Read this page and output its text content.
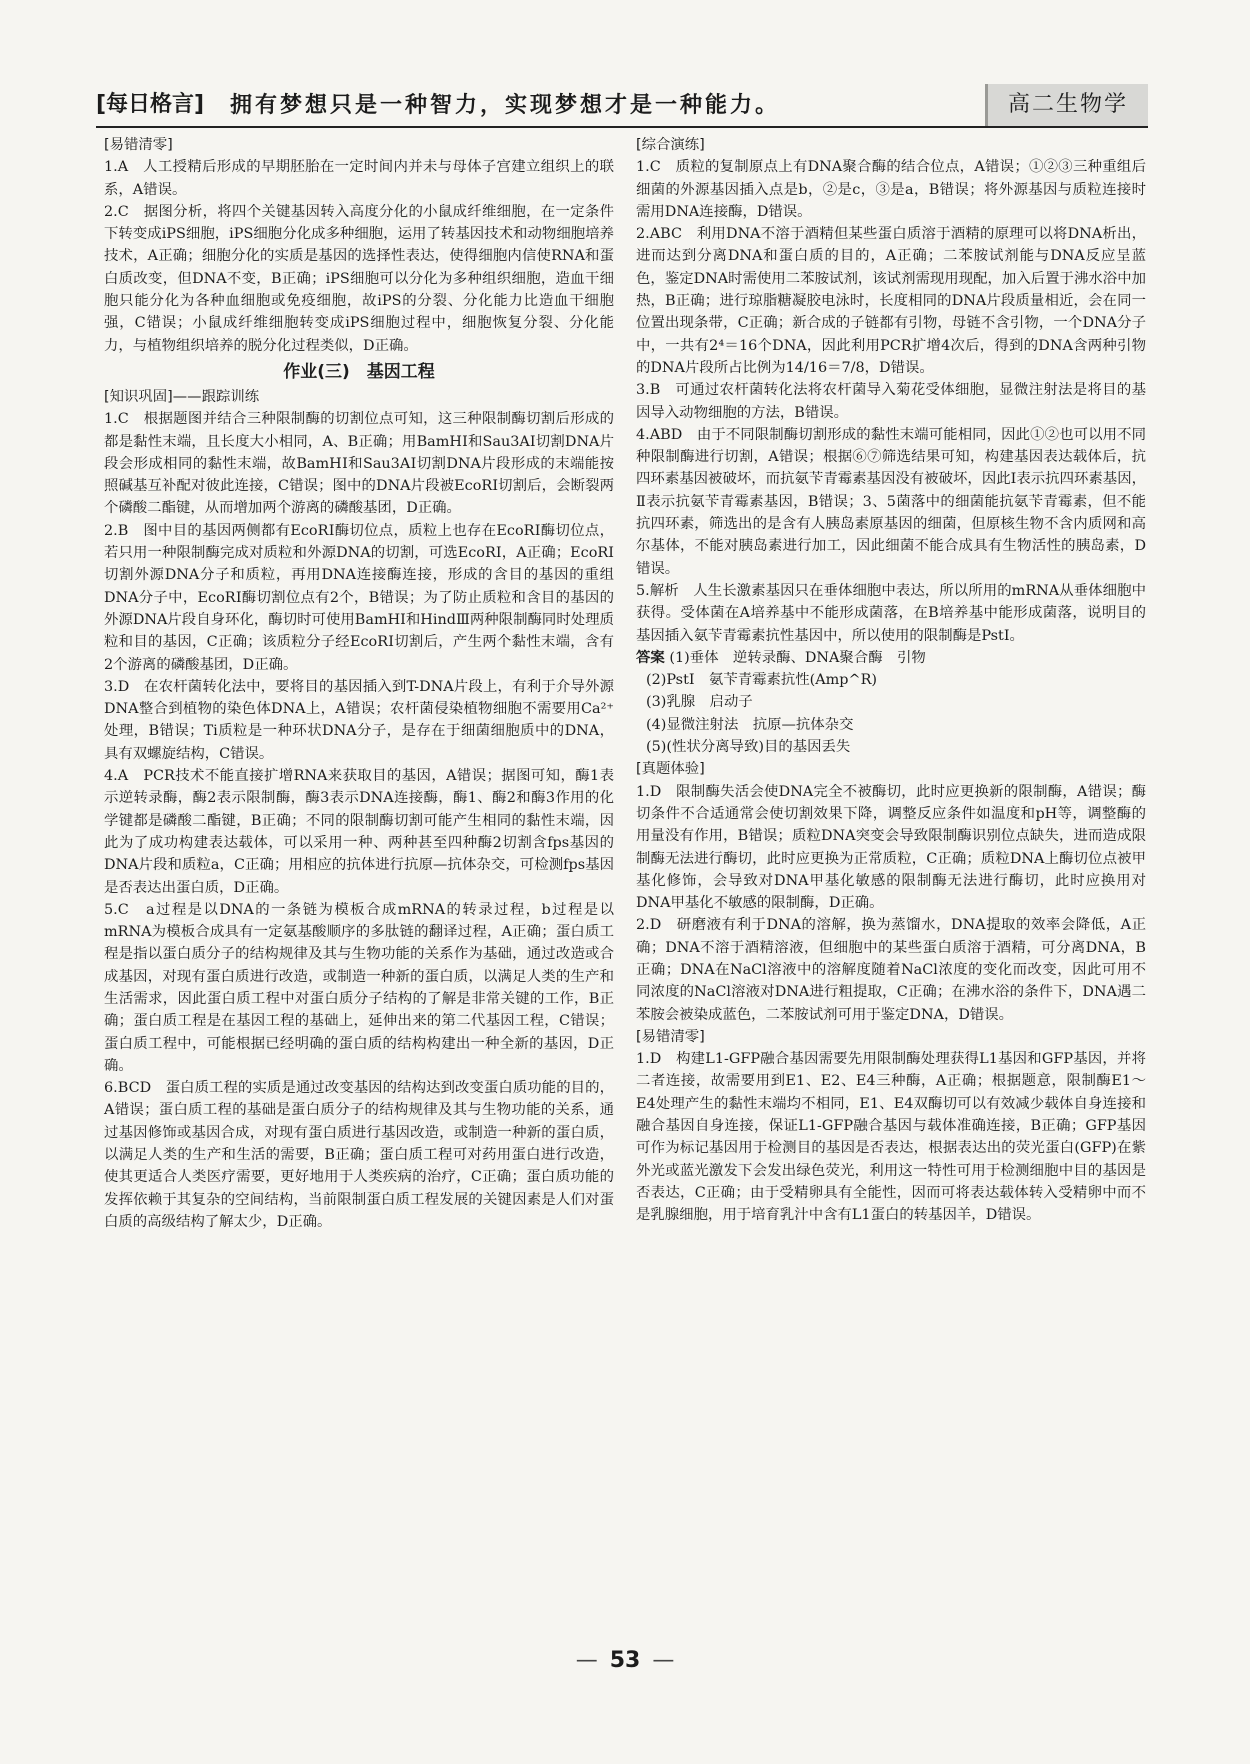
[每日格言] 拥有梦想只是一种智力，实现梦想才是一种能力。	高二生物学

[易错清零]

1.A　人工授精后形成的早期胚胎在一定时间内并未与母体子宫建立组织上的联系，A错误。

2.C　据图分析，将四个关键基因转入高度分化的小鼠成纤维细胞，在一定条件下转变成iPS细胞，iPS细胞分化成多种细胞，运用了转基因技术和动物细胞培养技术，A正确；细胞分化的实质是基因的选择性表达，使得细胞内信使RNA和蛋白质改变，但DNA不变，B正确；iPS细胞可以分化为多种组织细胞，造血干细胞只能分化为各种血细胞或免疫细胞，故iPS的分裂、分化能力比造血干细胞强，C错误；小鼠成纤维细胞转变成iPS细胞过程中，细胞恢复分裂、分化能力，与植物组织培养的脱分化过程类似，D正确。

作业(三)　基因工程

[知识巩固]——跟踪训练

1.C　根据题图并结合三种限制酶的切割位点可知，这三种限制酶切割后形成的都是黏性末端，且长度大小相同，A、B正确；用BamHⅠ和Sau3AⅠ切割DNA片段会形成相同的黏性末端，故BamHⅠ和Sau3AⅠ切割DNA片段形成的末端能按照碱基互补配对彼此连接，C错误；图中的DNA片段被EcoRⅠ切割后，会断裂两个磷酸二酯键，从而增加两个游离的磷酸基团，D正确。

2.B　图中目的基因两侧都有EcoRⅠ酶切位点，质粒上也存在EcoRⅠ酶切位点，若只用一种限制酶完成对质粒和外源DNA的切割，可选EcoRⅠ，A正确；EcoRⅠ切割外源DNA分子和质粒，再用DNA连接酶连接，形成的含目的基因的重组DNA分子中，EcoRⅠ酶切割位点有2个，B错误；为了防止质粒和含目的基因的外源DNA片段自身环化，酶切时可使用BamHⅠ和HindⅢ两种限制酶同时处理质粒和目的基因，C正确；该质粒分子经EcoRⅠ切割后，产生两个黏性末端，含有2个游离的磷酸基团，D正确。

3.D　在农杆菌转化法中，要将目的基因插入到T-DNA片段上，有利于介导外源DNA整合到植物的染色体DNA上，A错误；农杆菌侵染植物细胞不需要用Ca²⁺处理，B错误；Ti质粒是一种环状DNA分子，是存在于细菌细胞质中的DNA，具有双螺旋结构，C错误。

4.A　PCR技术不能直接扩增RNA来获取目的基因，A错误；据图可知，酶1表示逆转录酶，酶2表示限制酶，酶3表示DNA连接酶，酶1、酶2和酶3作用的化学键都是磷酸二酯键，B正确；不同的限制酶切割可能产生相同的黏性末端，因此为了成功构建表达载体，可以采用一种、两种甚至四种酶2切割含fps基因的DNA片段和质粒a，C正确；用相应的抗体进行抗原—抗体杂交，可检测fps基因是否表达出蛋白质，D正确。

5.C　a过程是以DNA的一条链为模板合成mRNA的转录过程，b过程是以mRNA为模板合成具有一定氨基酸顺序的多肽链的翻译过程，A正确；蛋白质工程是指以蛋白质分子的结构规律及其与生物功能的关系作为基础，通过改造或合成基因，对现有蛋白质进行改造，或制造一种新的蛋白质，以满足人类的生产和生活需求，因此蛋白质工程中对蛋白质分子结构的了解是非常关键的工作，B正确；蛋白质工程是在基因工程的基础上，延伸出来的第二代基因工程，C错误；蛋白质工程中，可能根据已经明确的蛋白质的结构构建出一种全新的基因，D正确。

6.BCD　蛋白质工程的实质是通过改变基因的结构达到改变蛋白质功能的目的，A错误；蛋白质工程的基础是蛋白质分子的结构规律及其与生物功能的关系，通过基因修饰或基因合成，对现有蛋白质进行基因改造，或制造一种新的蛋白质，以满足人类的生产和生活的需要，B正确；蛋白质工程可对药用蛋白进行改造，使其更适合人类医疗需要，更好地用于人类疾病的治疗，C正确；蛋白质功能的发挥依赖于其复杂的空间结构，当前限制蛋白质工程发展的关键因素是人们对蛋白质的高级结构了解太少，D正确。

[综合演练]

1.C　质粒的复制原点上有DNA聚合酶的结合位点，A错误；①②③三种重组后细菌的外源基因插入点是b，②是c，③是a，B错误；将外源基因与质粒连接时需用DNA连接酶，D错误。

2.ABC　利用DNA不溶于酒精但某些蛋白质溶于酒精的原理可以将DNA析出，进而达到分离DNA和蛋白质的目的，A正确；二苯胺试剂能与DNA反应呈蓝色，鉴定DNA时需使用二苯胺试剂，该试剂需现用现配，加入后置于沸水浴中加热，B正确；进行琼脂糖凝胶电泳时，长度相同的DNA片段质量相近，会在同一位置出现条带，C正确；新合成的子链都有引物，母链不含引物，一个DNA分子中，一共有2⁴＝16个DNA，因此利用PCR扩增4次后，得到的DNA含两种引物的DNA片段所占比例为14/16＝7/8，D错误。

3.B　可通过农杆菌转化法将农杆菌导入菊花受体细胞，显微注射法是将目的基因导入动物细胞的方法，B错误。

4.ABD　由于不同限制酶切割形成的黏性末端可能相同，因此①②也可以用不同种限制酶进行切割，A错误；根据⑥⑦筛选结果可知，构建基因表达载体后，抗四环素基因被破坏，而抗氨苄青霉素基因没有被破坏，因此Ⅰ表示抗四环素基因，Ⅱ表示抗氨苄青霉素基因，B错误；3、5菌落中的细菌能抗氨苄青霉素，但不能抗四环素，筛选出的是含有人胰岛素原基因的细菌，但原核生物不含内质网和高尔基体，不能对胰岛素进行加工，因此细菌不能合成具有生物活性的胰岛素，D错误。

5.解析　人生长激素基因只在垂体细胞中表达，所以所用的mRNA从垂体细胞中获得。受体菌在A培养基中不能形成菌落，在B培养基中能形成菌落，说明目的基因插入氨苄青霉素抗性基因中，所以使用的限制酶是PstⅠ。

答案 (1)垂体　逆转录酶、DNA聚合酶　引物

(2)PstⅠ　氨苄青霉素抗性(Amp^R)

(3)乳腺　启动子

(4)显微注射法　抗原—抗体杂交

(5)(性状分离导致)目的基因丢失

[真题体验]

1.D　限制酶失活会使DNA完全不被酶切，此时应更换新的限制酶，A错误；酶切条件不合适通常会使切割效果下降，调整反应条件如温度和pH等，调整酶的用量没有作用，B错误；质粒DNA突变会导致限制酶识别位点缺失，进而造成限制酶无法进行酶切，此时应更换为正常质粒，C正确；质粒DNA上酶切位点被甲基化修饰，会导致对DNA甲基化敏感的限制酶无法进行酶切，此时应换用对DNA甲基化不敏感的限制酶，D正确。

2.D　研磨液有利于DNA的溶解，换为蒸馏水，DNA提取的效率会降低，A正确；DNA不溶于酒精溶液，但细胞中的某些蛋白质溶于酒精，可分离DNA，B正确；DNA在NaCl溶液中的溶解度随着NaCl浓度的变化而改变，因此可用不同浓度的NaCl溶液对DNA进行粗提取，C正确；在沸水浴的条件下，DNA遇二苯胺会被染成蓝色，二苯胺试剂可用于鉴定DNA，D错误。

[易错清零]

1.D　构建L1-GFP融合基因需要先用限制酶处理获得L1基因和GFP基因，并将二者连接，故需要用到E1、E2、E4三种酶，A正确；根据题意，限制酶E1～E4处理产生的黏性末端均不相同，E1、E4双酶切可以有效减少载体自身连接和融合基因自身连接，保证L1-GFP融合基因与载体准确连接，B正确；GFP基因可作为标记基因用于检测目的基因是否表达，根据表达出的荧光蛋白(GFP)在紫外光或蓝光激发下会发出绿色荧光，利用这一特性可用于检测细胞中目的基因是否表达，C正确；由于受精卵具有全能性，因而可将表达载体转入受精卵中而不是乳腺细胞，用于培育乳汁中含有L1蛋白的转基因羊，D错误。

— 53 —
